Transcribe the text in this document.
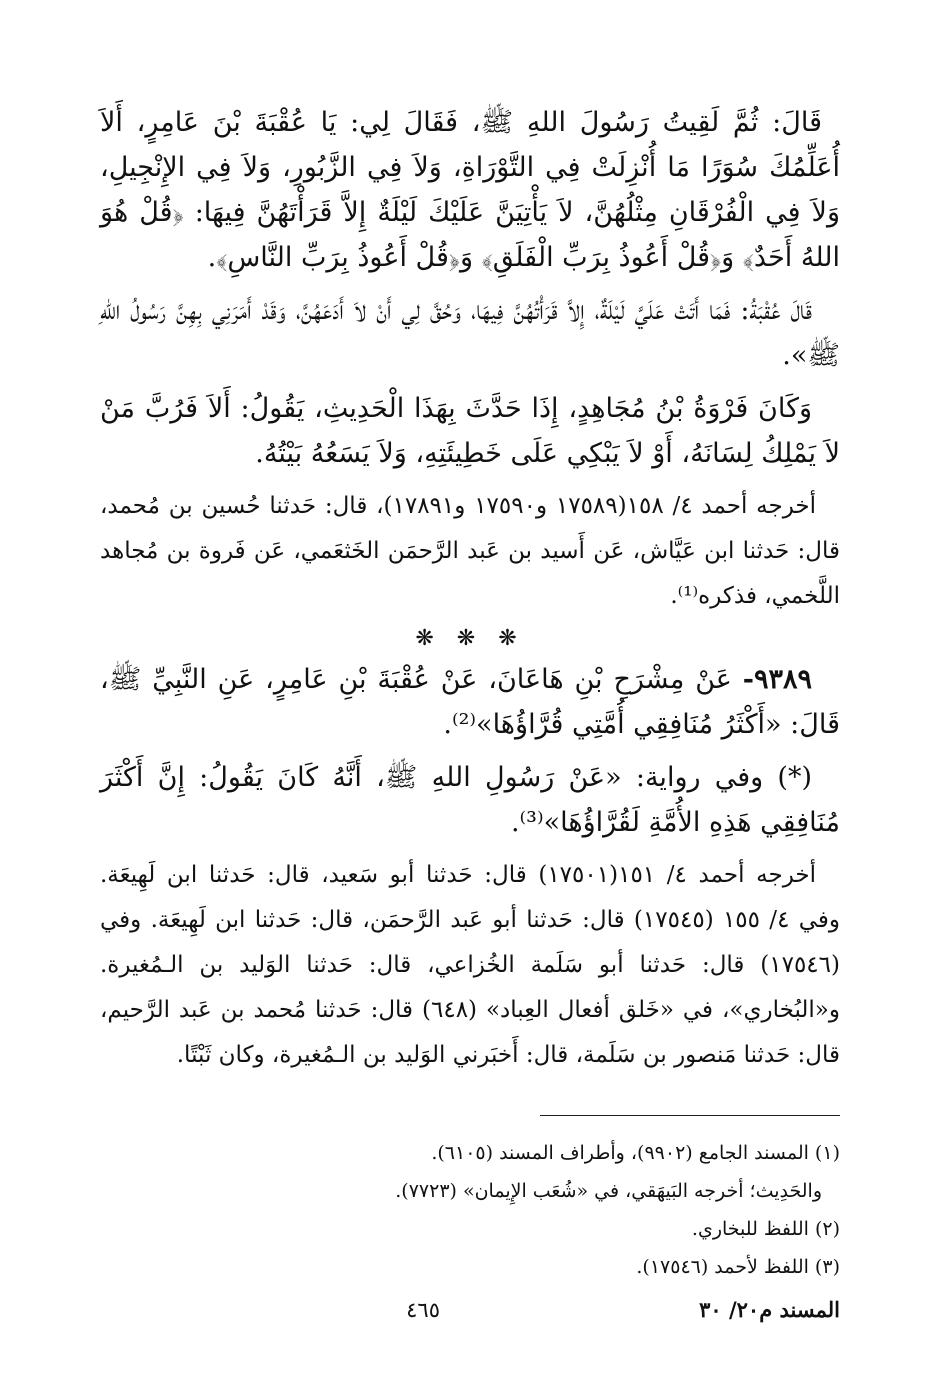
قَالَ: ثُمَّ لَقِيتُ رَسُولَ اللهِ ﷺ، فَقَالَ لِي: يَا عُقْبَةَ بْنَ عَامِرٍ، أَلاَ أُعَلِّمُكَ سُوَرًا مَا أُنْزِلَتْ فِي التَّوْرَاةِ، وَلاَ فِي الزَّبُورِ، وَلاَ فِي الإِنْجِيلِ، وَلاَ فِي الْفُرْقَانِ مِثْلُهُنَّ، لاَ يَأْتِيَنَّ عَلَيْكَ لَيْلَةٌ إِلاَّ قَرَأْتَهُنَّ فِيهَا: ﴿قُلْ هُوَ اللهُ أَحَدٌ﴾ وَ﴿قُلْ أَعُوذُ بِرَبِّ الْفَلَقِ﴾ وَ﴿قُلْ أَعُوذُ بِرَبِّ النَّاسِ﴾.

قَالَ عُقْبَةُ: فَمَا أَتَتْ عَلَيَّ لَيْلَةٌ، إِلاَّ قَرَأْتُهُنَّ فِيهَا، وَحُقَّ لِي أَنْ لاَ أَدَعَهُنَّ، وَقَدْ أَمَرَنِي بِهِنَّ رَسُولُ اللهِ ﷺ».

وَكَانَ فَرْوَةُ بْنُ مُجَاهِدٍ، إِذَا حَدَّثَ بِهَذَا الْحَدِيثِ، يَقُولُ: أَلاَ فَرُبَّ مَنْ لاَ يَمْلِكُ لِسَانَهُ، أَوْ لاَ يَبْكِي عَلَى خَطِيئَتِهِ، وَلاَ يَسَعُهُ بَيْتُهُ.

أخرجه أحمد ٤/ ١٥٨(١٧٥٨٩ و١٧٥٩٠ و١٧٨٩١)، قال: حَدثنا حُسين بن مُحمد، قال: حَدثنا ابن عَيَّاش، عَن أَسيد بن عَبد الرَّحمَن الخَثعَمي، عَن فَروة بن مُجاهد اللَّخمي، فذكره⁽¹⁾.

❋ ❋ ❋

٩٣٨٩- عَنْ مِشْرَحِ بْنِ هَاعَانَ، عَنْ عُقْبَةَ بْنِ عَامِرٍ، عَنِ النَّبِيِّ ﷺ، قَالَ: «أَكْثَرُ مُنَافِقِي أُمَّتِي قُرَّاؤُهَا»⁽²⁾.

(*) وفي رواية: «عَنْ رَسُولِ اللهِ ﷺ، أَنَّهُ كَانَ يَقُولُ: إِنَّ أَكْثَرَ مُنَافِقِي هَذِهِ الأُمَّةِ لَقُرَّاؤُهَا»⁽³⁾.

أخرجه أحمد ٤/ ١٥١(١٧٥٠١) قال: حَدثنا أبو سَعيد، قال: حَدثنا ابن لَهِيعَة. وفي ٤/ ١٥٥ (١٧٥٤٥) قال: حَدثنا أبو عَبد الرَّحمَن، قال: حَدثنا ابن لَهِيعَة. وفي (١٧٥٤٦) قال: حَدثنا أبو سَلَمة الخُزاعي، قال: حَدثنا الوَليد بن الـمُغيرة. و«البُخاري»، في «خَلق أفعال العِباد» (٦٤٨) قال: حَدثنا مُحمد بن عَبد الرَّحيم، قال: حَدثنا مَنصور بن سَلَمة، قال: أَخبَرني الوَليد بن الـمُغيرة، وكان ثَبْتًا.

(١) المسند الجامع (٩٩٠٢)، وأطراف المسند (٦١٠٥).

والحَدِيث؛ أخرجه البَيهَقي، في «شُعَب الإِيمان» (٧٧٢٣).

(٢) اللفظ للبخاري.

(٣) اللفظ لأحمد (١٧٥٤٦).

المسند م٢٠/ ٣٠
٤٦٥
